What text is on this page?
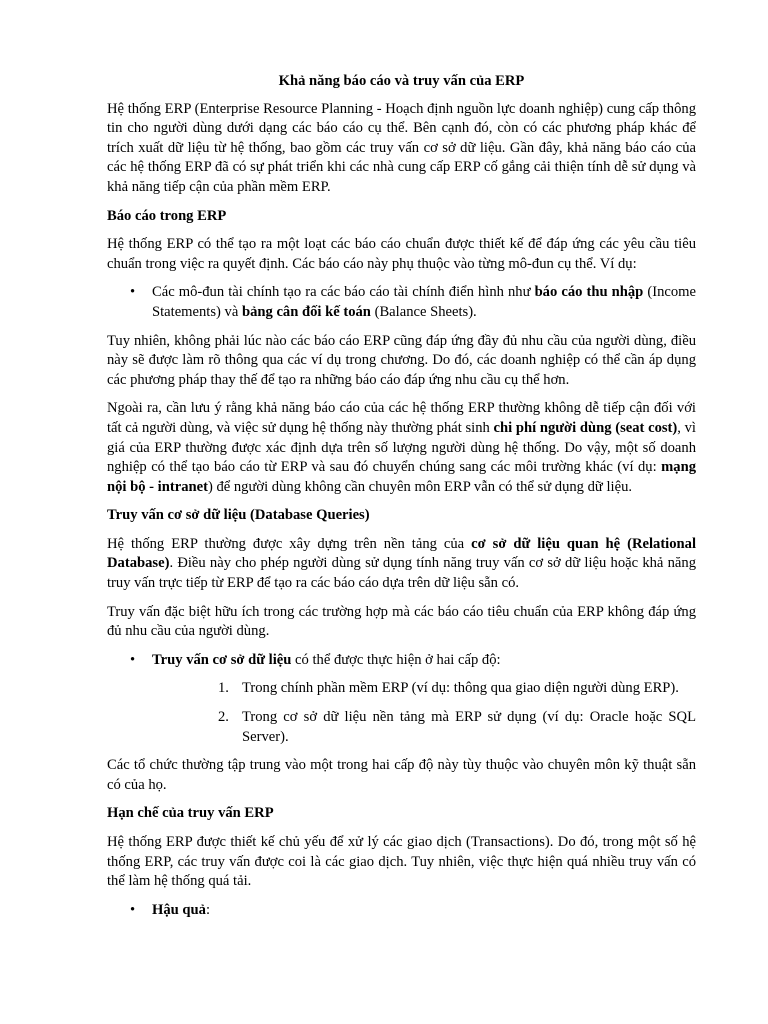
Khả năng báo cáo và truy vấn của ERP

Hệ thống ERP (Enterprise Resource Planning - Hoạch định nguồn lực doanh nghiệp) cung cấp thông tin cho người dùng dưới dạng các báo cáo cụ thể. Bên cạnh đó, còn có các phương pháp khác để trích xuất dữ liệu từ hệ thống, bao gồm các truy vấn cơ sở dữ liệu. Gần đây, khả năng báo cáo của các hệ thống ERP đã có sự phát triển khi các nhà cung cấp ERP cố gắng cải thiện tính dễ sử dụng và khả năng tiếp cận của phần mềm ERP.

Báo cáo trong ERP

Hệ thống ERP có thể tạo ra một loạt các báo cáo chuẩn được thiết kế để đáp ứng các yêu cầu tiêu chuẩn trong việc ra quyết định. Các báo cáo này phụ thuộc vào từng mô-đun cụ thể. Ví dụ:

• Các mô-đun tài chính tạo ra các báo cáo tài chính điển hình như báo cáo thu nhập (Income Statements) và bảng cân đối kế toán (Balance Sheets).

Tuy nhiên, không phải lúc nào các báo cáo ERP cũng đáp ứng đầy đủ nhu cầu của người dùng, điều này sẽ được làm rõ thông qua các ví dụ trong chương. Do đó, các doanh nghiệp có thể cần áp dụng các phương pháp thay thế để tạo ra những báo cáo đáp ứng nhu cầu cụ thể hơn.

Ngoài ra, cần lưu ý rằng khả năng báo cáo của các hệ thống ERP thường không dễ tiếp cận đối với tất cả người dùng, và việc sử dụng hệ thống này thường phát sinh chi phí người dùng (seat cost), vì giá của ERP thường được xác định dựa trên số lượng người dùng hệ thống. Do vậy, một số doanh nghiệp có thể tạo báo cáo từ ERP và sau đó chuyển chúng sang các môi trường khác (ví dụ: mạng nội bộ - intranet) để người dùng không cần chuyên môn ERP vẫn có thể sử dụng dữ liệu.

Truy vấn cơ sở dữ liệu (Database Queries)

Hệ thống ERP thường được xây dựng trên nền tảng của cơ sở dữ liệu quan hệ (Relational Database). Điều này cho phép người dùng sử dụng tính năng truy vấn cơ sở dữ liệu hoặc khả năng truy vấn trực tiếp từ ERP để tạo ra các báo cáo dựa trên dữ liệu sẵn có.

Truy vấn đặc biệt hữu ích trong các trường hợp mà các báo cáo tiêu chuẩn của ERP không đáp ứng đủ nhu cầu của người dùng.

• Truy vấn cơ sở dữ liệu có thể được thực hiện ở hai cấp độ:
1. Trong chính phần mềm ERP (ví dụ: thông qua giao diện người dùng ERP).
2. Trong cơ sở dữ liệu nền tảng mà ERP sử dụng (ví dụ: Oracle hoặc SQL Server).

Các tổ chức thường tập trung vào một trong hai cấp độ này tùy thuộc vào chuyên môn kỹ thuật sẵn có của họ.

Hạn chế của truy vấn ERP

Hệ thống ERP được thiết kế chủ yếu để xử lý các giao dịch (Transactions). Do đó, trong một số hệ thống ERP, các truy vấn được coi là các giao dịch. Tuy nhiên, việc thực hiện quá nhiều truy vấn có thể làm hệ thống quá tải.

• Hậu quả:
